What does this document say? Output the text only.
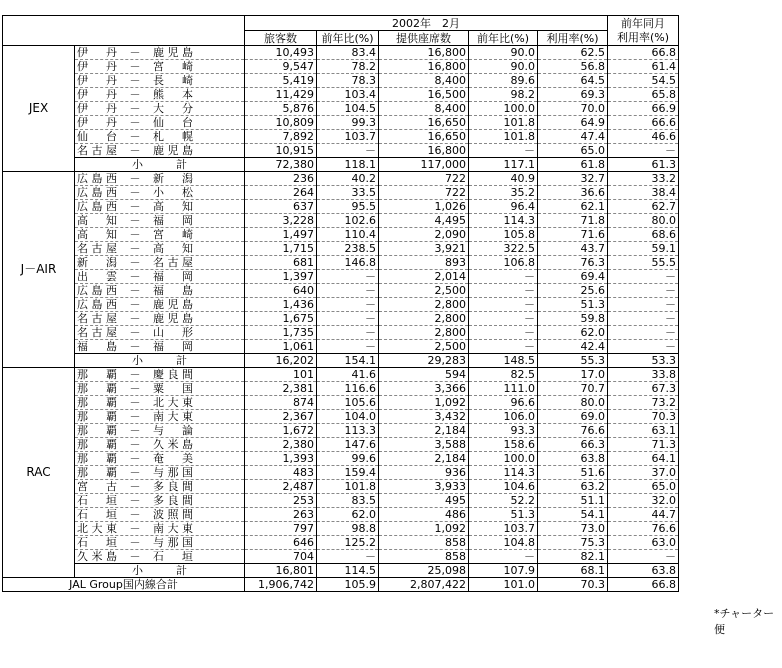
		2002年　2月					前年同月
		旅客数	前年比(%)	提供座席数	前年比(%)	利用率(%)	利用率(%)
JEX	伊丹 － 鹿児島	10,493	83.4	16,800	90.0	62.5	66.8
	伊丹 － 宮崎	9,547	78.2	16,800	90.0	56.8	61.4
	伊丹 － 長崎	5,419	78.3	8,400	89.6	64.5	54.5
	伊丹 － 熊本	11,429	103.4	16,500	98.2	69.3	65.8
	伊丹 － 大分	5,876	104.5	8,400	100.0	70.0	66.9
	伊丹 － 仙台	10,809	99.3	16,650	101.8	64.9	66.6
	仙台 － 札幌	7,892	103.7	16,650	101.8	47.4	46.6
	名古屋 － 鹿児島	10,915	－	16,800	－	65.0	－
	小　　　計	72,380	118.1	117,000	117.1	61.8	61.3
J－AIR	広島西 － 新潟	236	40.2	722	40.9	32.7	33.2
	広島西 － 小松	264	33.5	722	35.2	36.6	38.4
	広島西 － 高知	637	95.5	1,026	96.4	62.1	62.7
	高知 － 福岡	3,228	102.6	4,495	114.3	71.8	80.0
	高知 － 宮崎	1,497	110.4	2,090	105.8	71.6	68.6
	名古屋 － 高知	1,715	238.5	3,921	322.5	43.7	59.1
	新潟 － 名古屋	681	146.8	893	106.8	76.3	55.5
	出雲 － 福岡	1,397	－	2,014	－	69.4	－
	広島西 － 福島	640	－	2,500	－	25.6	－
	広島西 － 鹿児島	1,436	－	2,800	－	51.3	－
	名古屋 － 鹿児島	1,675	－	2,800	－	59.8	－
	名古屋 － 山形	1,735	－	2,800	－	62.0	－
	福島 － 福岡	1,061	－	2,500	－	42.4	－
	小　　　計	16,202	154.1	29,283	148.5	55.3	53.3
RAC	那覇 － 慶良間	101	41.6	594	82.5	17.0	33.8
	那覇 － 粟国	2,381	116.6	3,366	111.0	70.7	67.3
	那覇 － 北大東	874	105.6	1,092	96.6	80.0	73.2
	那覇 － 南大東	2,367	104.0	3,432	106.0	69.0	70.3
	那覇 － 与論	1,672	113.3	2,184	93.3	76.6	63.1
	那覇 － 久米島	2,380	147.6	3,588	158.6	66.3	71.3
	那覇 － 奄美	1,393	99.6	2,184	100.0	63.8	64.1
	那覇 － 与那国	483	159.4	936	114.3	51.6	37.0
	宮古 － 多良間	2,487	101.8	3,933	104.6	63.2	65.0
	石垣 － 多良間	253	83.5	495	52.2	51.1	32.0
	石垣 － 波照間	263	62.0	486	51.3	54.1	44.7
	北大東 － 南大東	797	98.8	1,092	103.7	73.0	76.6
	石垣 － 与那国	646	125.2	858	104.8	75.3	63.0
	久米島 － 石垣	704	－	858	－	82.1	－
	小　　　計	16,801	114.5	25,098	107.9	68.1	63.8
JAL Group国内線合計		1,906,742	105.9	2,807,422	101.0	70.3	66.8
*チャーター便
